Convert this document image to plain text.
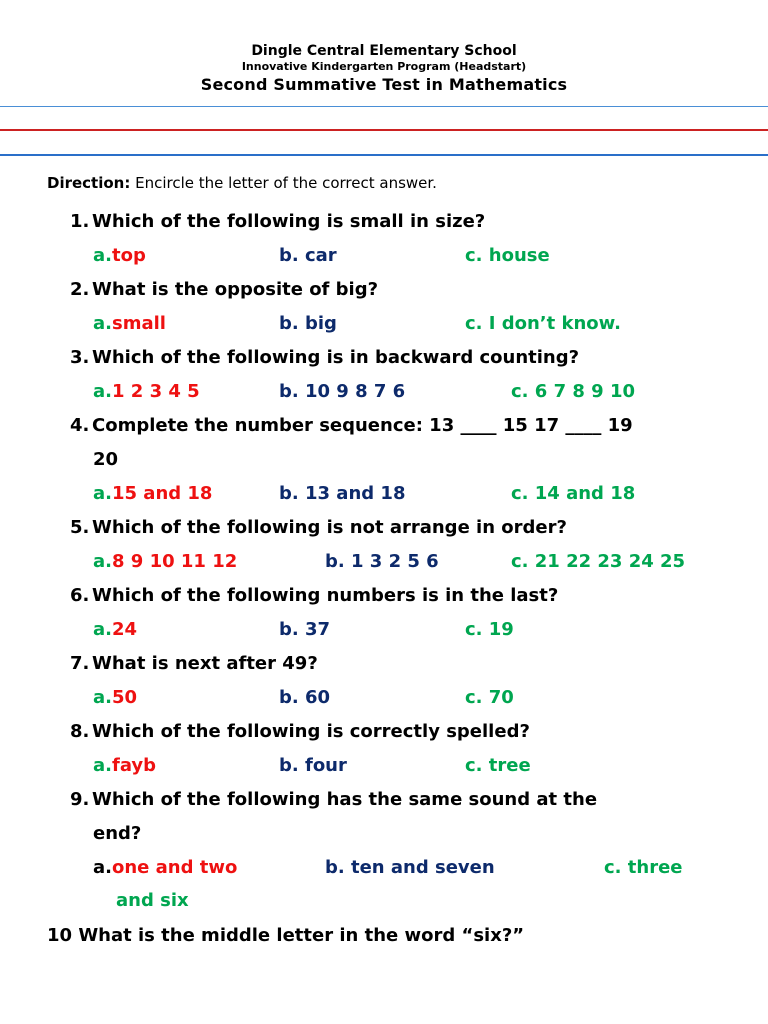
Dingle Central Elementary School
Innovative Kindergarten Program (Headstart)
Second Summative Test in Mathematics
Direction: Encircle the letter of the correct answer.
1. Which of the following is small in size?
a.top	b. car	c. house
2. What is the opposite of big?
a.small	b. big	c. I don’t know.
3. Which of the following is in backward counting?
a.1 2 3 4 5	b. 10 9 8 7 6	c. 6 7 8 9 10
4. Complete the number sequence: 13 ____ 15 17 ____ 19
20
a.15 and 18	b. 13 and 18	c. 14 and 18
5. Which of the following is not arrange in order?
a.8 9 10 11 12	b. 1 3 2 5 6	c. 21 22 23 24 25
6. Which of the following numbers is in the last?
a.24	b. 37	c. 19
7. What is next after 49?
a.50	b. 60	c. 70
8. Which of the following is correctly spelled?
a.fayb	b. four	c. tree
9. Which of the following has the same sound at the
end?
a.one and two	b. ten and seven	c. three
and six
10 What is the middle letter in the word “six?”
